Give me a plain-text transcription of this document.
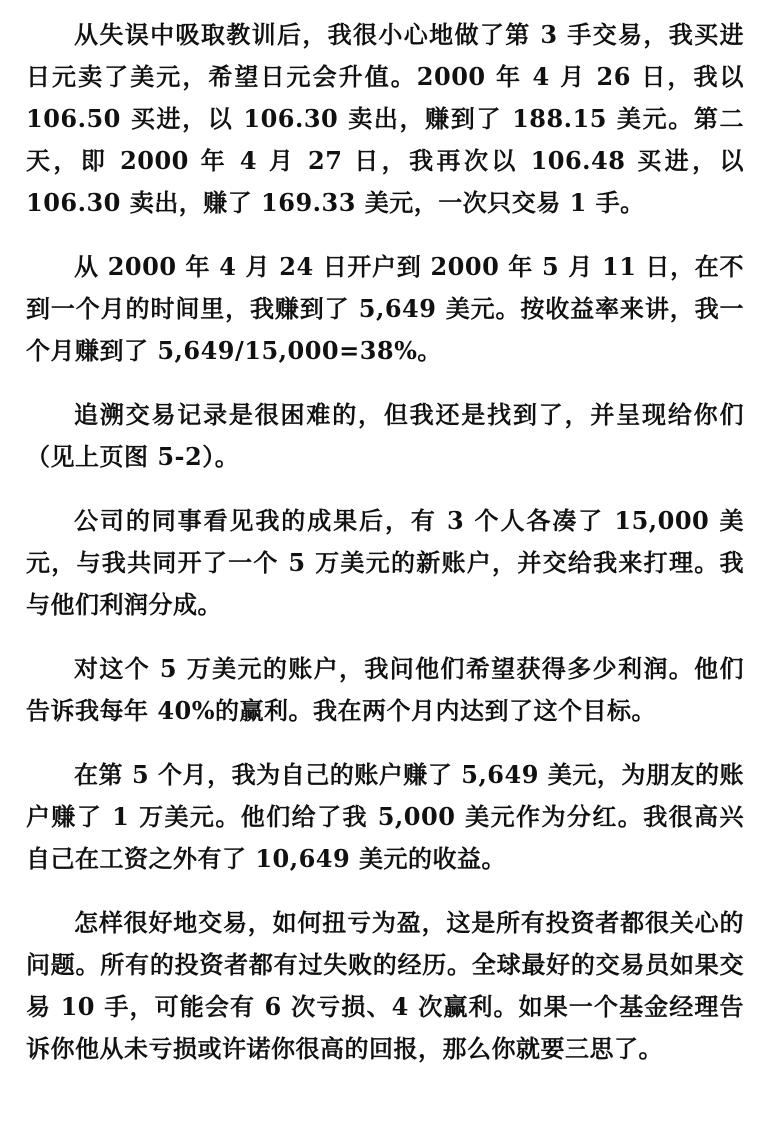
从失误中吸取教训后，我很小心地做了第 3 手交易，我买进日元卖了美元，希望日元会升值。2000 年 4 月 26 日，我以 106.50 买进，以 106.30 卖出，赚到了 188.15 美元。第二天，即 2000 年 4 月 27 日，我再次以 106.48 买进，以 106.30 卖出，赚了 169.33 美元，一次只交易 1 手。

从 2000 年 4 月 24 日开户到 2000 年 5 月 11 日，在不到一个月的时间里，我赚到了 5,649 美元。按收益率来讲，我一个月赚到了 5,649/15,000=38%。

追溯交易记录是很困难的，但我还是找到了，并呈现给你们（见上页图 5-2）。

公司的同事看见我的成果后，有 3 个人各凑了 15,000 美元，与我共同开了一个 5 万美元的新账户，并交给我来打理。我与他们利润分成。

对这个 5 万美元的账户，我问他们希望获得多少利润。他们告诉我每年 40%的赢利。我在两个月内达到了这个目标。

在第 5 个月，我为自己的账户赚了 5,649 美元，为朋友的账户赚了 1 万美元。他们给了我 5,000 美元作为分红。我很高兴自己在工资之外有了 10,649 美元的收益。

怎样很好地交易，如何扭亏为盈，这是所有投资者都很关心的问题。所有的投资者都有过失败的经历。全球最好的交易员如果交易 10 手，可能会有 6 次亏损、4 次赢利。如果一个基金经理告诉你他从未亏损或许诺你很高的回报，那么你就要三思了。
